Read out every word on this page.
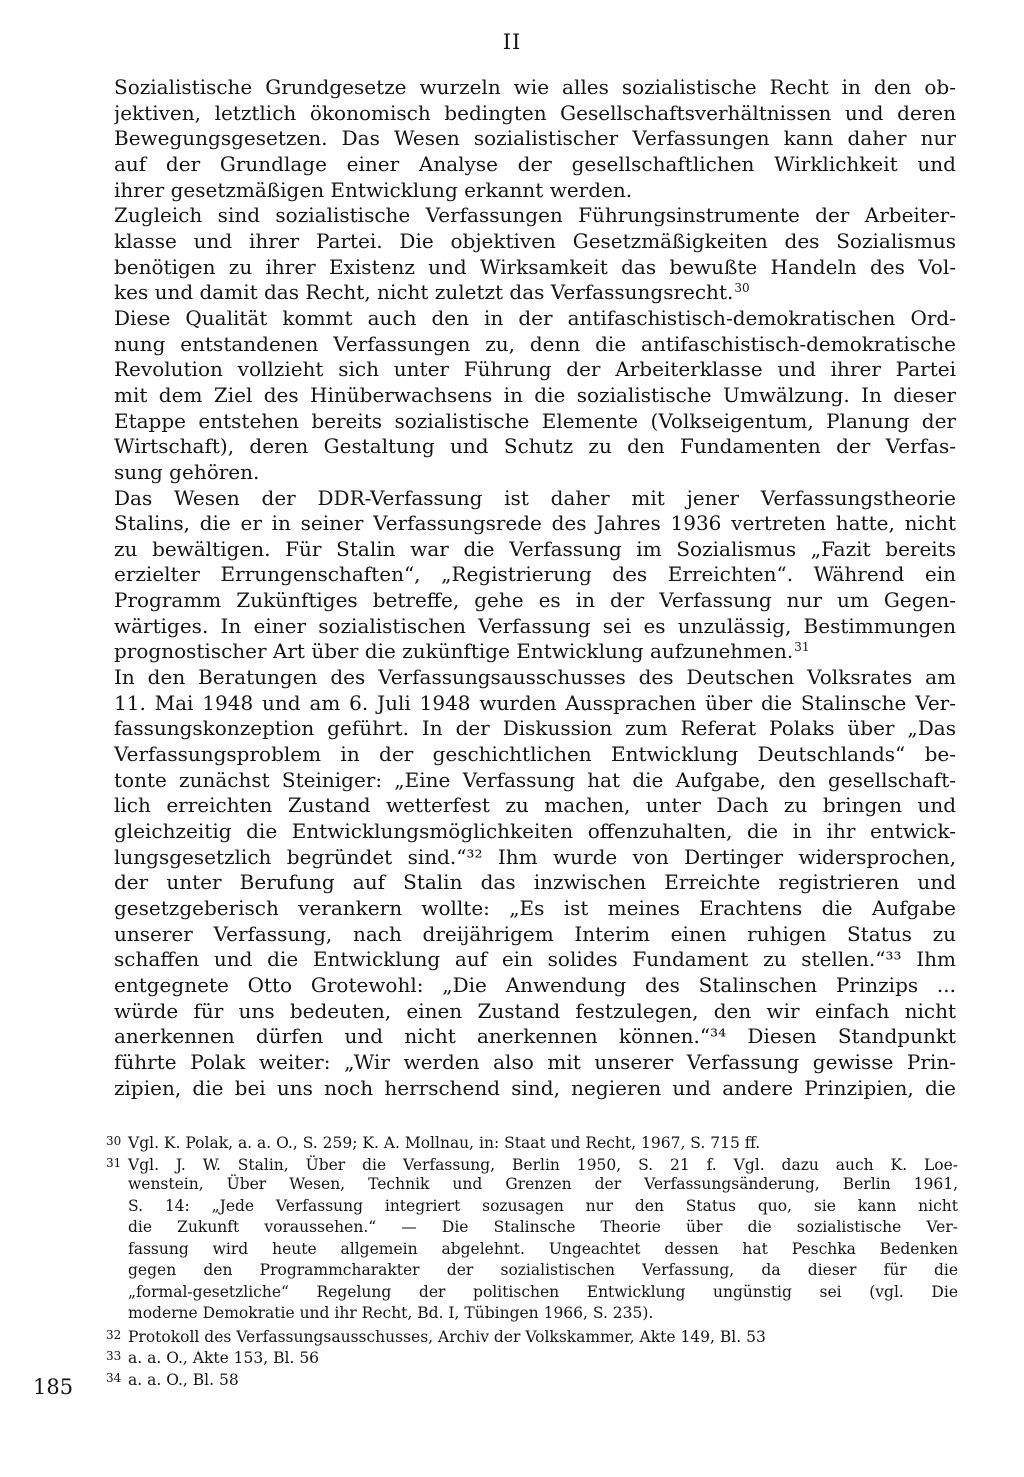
II
Sozialistische Grundgesetze wurzeln wie alles sozialistische Recht in den ob-
jektiven, letztlich ökonomisch bedingten Gesellschaftsverhältnissen und deren
Bewegungsgesetzen. Das Wesen sozialistischer Verfassungen kann daher nur
auf der Grundlage einer Analyse der gesellschaftlichen Wirklichkeit und
ihrer gesetzmäßigen Entwicklung erkannt werden.
Zugleich sind sozialistische Verfassungen Führungsinstrumente der Arbeiter-
klasse und ihrer Partei. Die objektiven Gesetzmäßigkeiten des Sozialismus
benötigen zu ihrer Existenz und Wirksamkeit das bewußte Handeln des Vol-
kes und damit das Recht, nicht zuletzt das Verfassungsrecht.$^{30}$
Diese Qualität kommt auch den in der antifaschistisch-demokratischen Ord-
nung entstandenen Verfassungen zu, denn die antifaschistisch-demokratische
Revolution vollzieht sich unter Führung der Arbeiterklasse und ihrer Partei
mit dem Ziel des Hinüberwachsens in die sozialistische Umwälzung. In dieser
Etappe entstehen bereits sozialistische Elemente (Volkseigentum, Planung der
Wirtschaft), deren Gestaltung und Schutz zu den Fundamenten der Verfas-
sung gehören.
Das Wesen der DDR-Verfassung ist daher mit jener Verfassungstheorie
Stalins, die er in seiner Verfassungsrede des Jahres 1936 vertreten hatte, nicht
zu bewältigen. Für Stalin war die Verfassung im Sozialismus „Fazit bereits
erzielter Errungenschaften“, „Registrierung des Erreichten“. Während ein
Programm Zukünftiges betreffe, gehe es in der Verfassung nur um Gegen-
wärtiges. In einer sozialistischen Verfassung sei es unzulässig, Bestimmungen
prognostischer Art über die zukünftige Entwicklung aufzunehmen.$^{31}$
In den Beratungen des Verfassungsausschusses des Deutschen Volksrates am
11. Mai 1948 und am 6. Juli 1948 wurden Aussprachen über die Stalinsche Ver-
fassungskonzeption geführt. In der Diskussion zum Referat Polaks über „Das
Verfassungsproblem in der geschichtlichen Entwicklung Deutschlands“ be-
tonte zunächst Steiniger: „Eine Verfassung hat die Aufgabe, den gesellschaft-
lich erreichten Zustand wetterfest zu machen, unter Dach zu bringen und
gleichzeitig die Entwicklungsmöglichkeiten offenzuhalten, die in ihr entwick-
lungsgesetzlich begründet sind.“³² Ihm wurde von Dertinger widersprochen,
der unter Berufung auf Stalin das inzwischen Erreichte registrieren und
gesetzgeberisch verankern wollte: „Es ist meines Erachtens die Aufgabe
unserer Verfassung, nach dreijährigem Interim einen ruhigen Status zu
schaffen und die Entwicklung auf ein solides Fundament zu stellen.“³³ Ihm
entgegnete Otto Grotewohl: „Die Anwendung des Stalinschen Prinzips ...
würde für uns bedeuten, einen Zustand festzulegen, den wir einfach nicht
anerkennen dürfen und nicht anerkennen können.“³⁴ Diesen Standpunkt
führte Polak weiter: „Wir werden also mit unserer Verfassung gewisse Prin-
zipien, die bei uns noch herrschend sind, negieren und andere Prinzipien, die
30 Vgl. K. Polak, a. a. O., S. 259; K. A. Mollnau, in: Staat und Recht, 1967, S. 715 ff.
31 Vgl. J. W. Stalin, Über die Verfassung, Berlin 1950, S. 21 f. Vgl. dazu auch K. Loe-
wenstein, Über Wesen, Technik und Grenzen der Verfassungsänderung, Berlin 1961,
S. 14: „Jede Verfassung integriert sozusagen nur den Status quo, sie kann nicht
die Zukunft voraussehen.“ — Die Stalinsche Theorie über die sozialistische Ver-
fassung wird heute allgemein abgelehnt. Ungeachtet dessen hat Peschka Bedenken
gegen den Programmcharakter der sozialistischen Verfassung, da dieser für die
„formal-gesetzliche“ Regelung der politischen Entwicklung ungünstig sei (vgl. Die
moderne Demokratie und ihr Recht, Bd. I, Tübingen 1966, S. 235).
32 Protokoll des Verfassungsausschusses, Archiv der Volkskammer, Akte 149, Bl. 53
33 a. a. O., Akte 153, Bl. 56
34 a. a. O., Bl. 58
185
